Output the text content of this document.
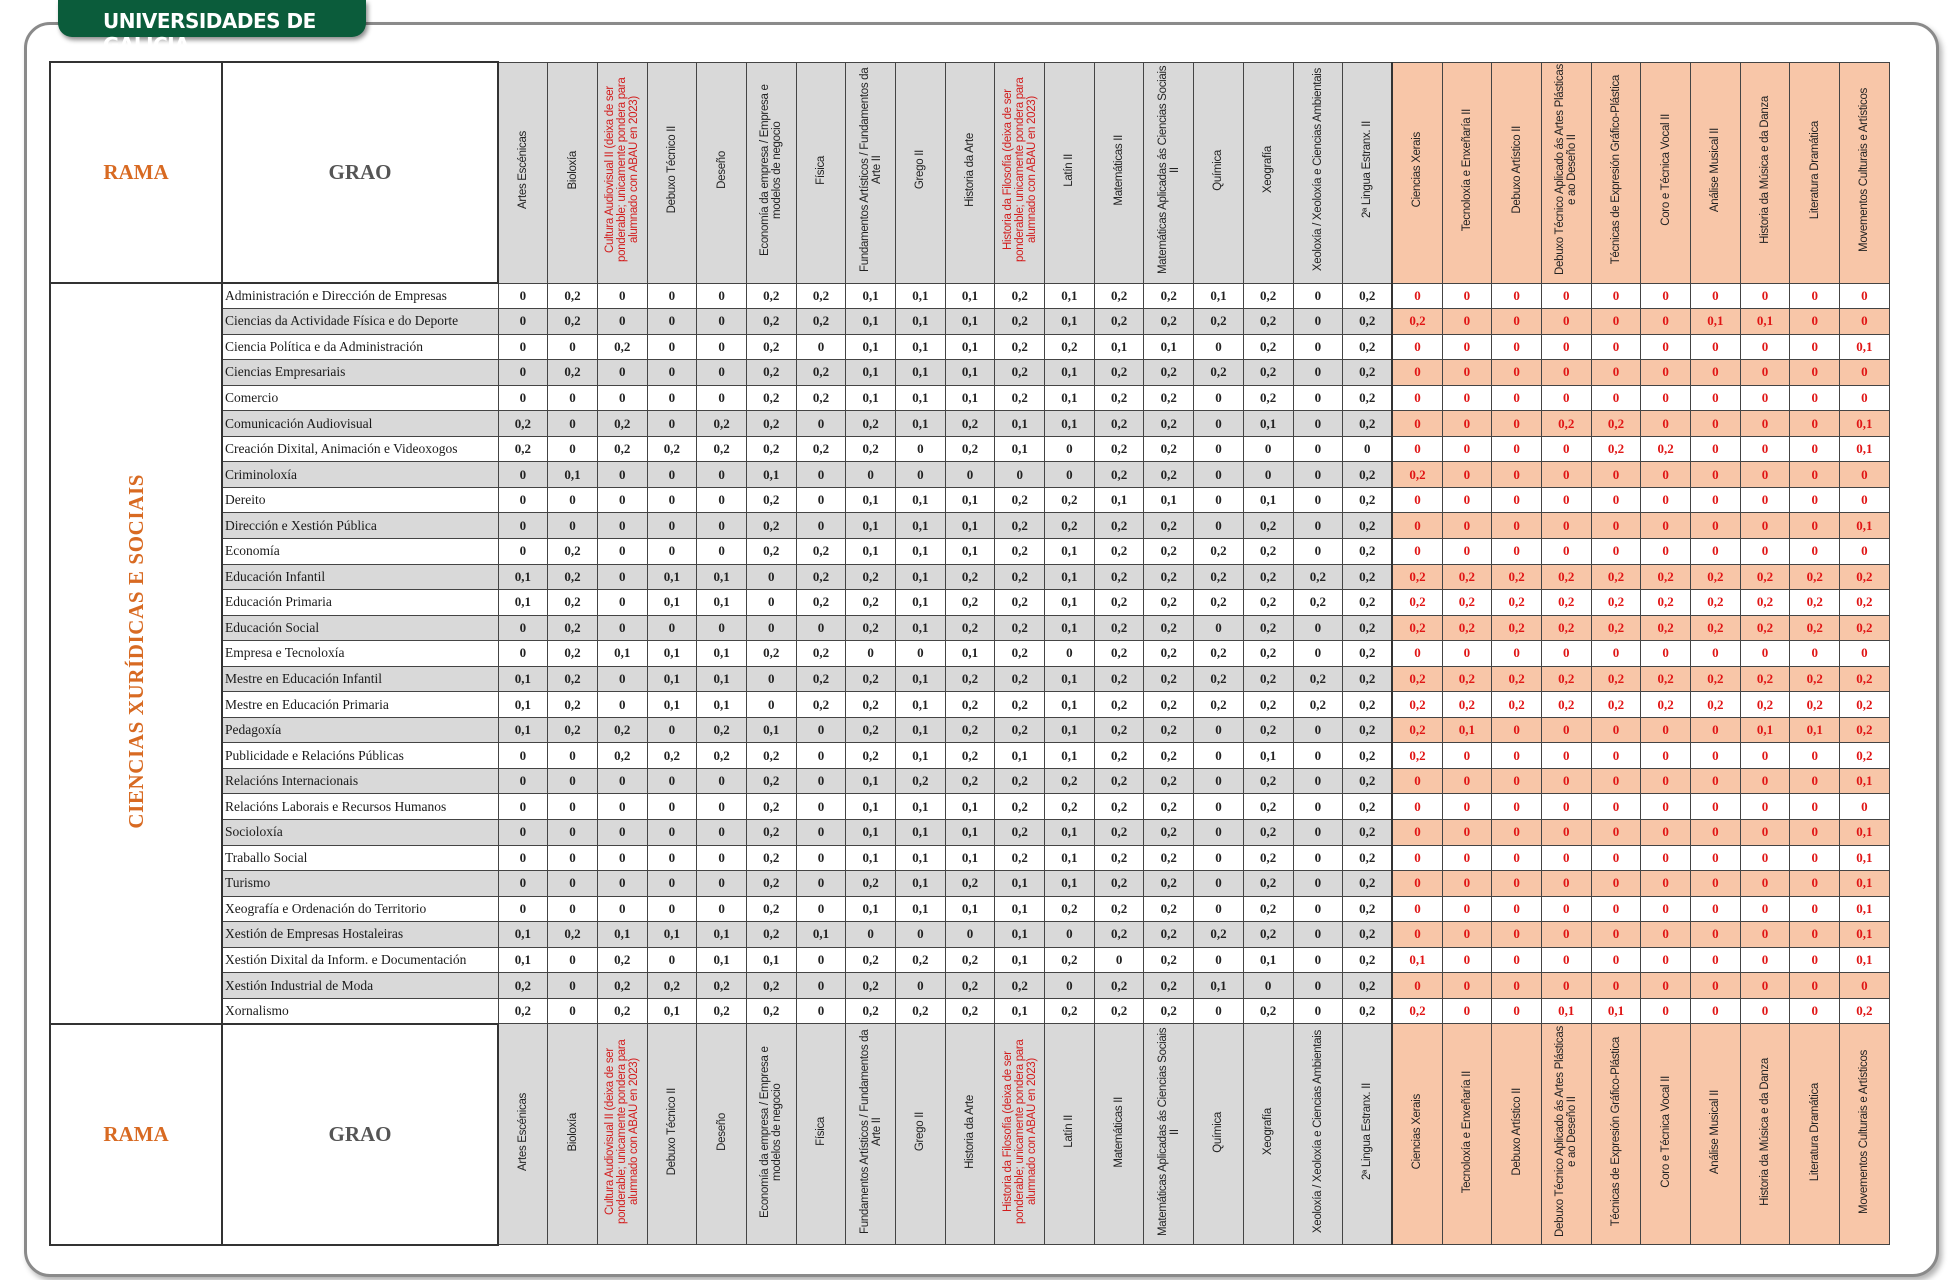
UNIVERSIDADES DE GALICIA
RAMA	GRAO	Artes Escénicas	Bioloxía	Cultura Audiovisual II (deixa de ser ponderable; unicamente pondera para alumnado con ABAU en 2023)	Debuxo Técnico II	Deseño	Economía da empresa / Empresa e modelos de negocio	Física	Fundamentos Artísticos / Fundamentos da Arte II	Grego II	Historia da Arte	Historia da Filosofía (deixa de ser ponderable; unicamente pondera para alumnado con ABAU en 2023)	Latín II	Matemáticas II	Matemáticas Aplicadas ás Ciencias Sociais II	Química	Xeografía	Xeoloxía / Xeoloxía e Ciencias Ambientais	2ª Lingua Estranx. II	Ciencias Xerais	Tecnoloxía e Enxeñaría II	Debuxo Artístico II	Debuxo Técnico Aplicado ás Artes Plásticas e ao Deseño II	Técnicas de Expresión Gráfico-Plástica	Coro e Técnica Vocal II	Análise Musical II	Historia da Música e da Danza	Literatura Dramática	Movementos Culturais e Artísticos
CIENCIAS XURÍDICAS E SOCIAIS	Administración e Dirección de Empresas	0	0,2	0	0	0	0,2	0,2	0,1	0,1	0,1	0,2	0,1	0,2	0,2	0,1	0,2	0	0,2	0	0	0	0	0	0	0	0	0	0
	Ciencias da Actividade Física e do Deporte	0	0,2	0	0	0	0,2	0,2	0,1	0,1	0,1	0,2	0,1	0,2	0,2	0,2	0,2	0	0,2	0,2	0	0	0	0	0	0,1	0,1	0	0
	Ciencia Política e da Administración	0	0	0,2	0	0	0,2	0	0,1	0,1	0,1	0,2	0,2	0,1	0,1	0	0,2	0	0,2	0	0	0	0	0	0	0	0	0	0,1
	Ciencias Empresariais	0	0,2	0	0	0	0,2	0,2	0,1	0,1	0,1	0,2	0,1	0,2	0,2	0,2	0,2	0	0,2	0	0	0	0	0	0	0	0	0	0
	Comercio	0	0	0	0	0	0,2	0,2	0,1	0,1	0,1	0,2	0,1	0,2	0,2	0	0,2	0	0,2	0	0	0	0	0	0	0	0	0	0
	Comunicación Audiovisual	0,2	0	0,2	0	0,2	0,2	0	0,2	0,1	0,2	0,1	0,1	0,2	0,2	0	0,1	0	0,2	0	0	0	0,2	0,2	0	0	0	0	0,1
	Creación Dixital, Animación e Videoxogos	0,2	0	0,2	0,2	0,2	0,2	0,2	0,2	0	0,2	0,1	0	0,2	0,2	0	0	0	0	0	0	0	0	0,2	0,2	0	0	0	0,1
	Criminoloxía	0	0,1	0	0	0	0,1	0	0	0	0	0	0	0,2	0,2	0	0	0	0,2	0,2	0	0	0	0	0	0	0	0	0
	Dereito	0	0	0	0	0	0,2	0	0,1	0,1	0,1	0,2	0,2	0,1	0,1	0	0,1	0	0,2	0	0	0	0	0	0	0	0	0	0
	Dirección e Xestión Pública	0	0	0	0	0	0,2	0	0,1	0,1	0,1	0,2	0,2	0,2	0,2	0	0,2	0	0,2	0	0	0	0	0	0	0	0	0	0,1
	Economía	0	0,2	0	0	0	0,2	0,2	0,1	0,1	0,1	0,2	0,1	0,2	0,2	0,2	0,2	0	0,2	0	0	0	0	0	0	0	0	0	0
	Educación Infantil	0,1	0,2	0	0,1	0,1	0	0,2	0,2	0,1	0,2	0,2	0,1	0,2	0,2	0,2	0,2	0,2	0,2	0,2	0,2	0,2	0,2	0,2	0,2	0,2	0,2	0,2	0,2
	Educación Primaria	0,1	0,2	0	0,1	0,1	0	0,2	0,2	0,1	0,2	0,2	0,1	0,2	0,2	0,2	0,2	0,2	0,2	0,2	0,2	0,2	0,2	0,2	0,2	0,2	0,2	0,2	0,2
	Educación Social	0	0,2	0	0	0	0	0	0,2	0,1	0,2	0,2	0,1	0,2	0,2	0	0,2	0	0,2	0,2	0,2	0,2	0,2	0,2	0,2	0,2	0,2	0,2	0,2
	Empresa e Tecnoloxía	0	0,2	0,1	0,1	0,1	0,2	0,2	0	0	0,1	0,2	0	0,2	0,2	0,2	0,2	0	0,2	0	0	0	0	0	0	0	0	0	0
	Mestre en Educación Infantil	0,1	0,2	0	0,1	0,1	0	0,2	0,2	0,1	0,2	0,2	0,1	0,2	0,2	0,2	0,2	0,2	0,2	0,2	0,2	0,2	0,2	0,2	0,2	0,2	0,2	0,2	0,2
	Mestre en Educación Primaria	0,1	0,2	0	0,1	0,1	0	0,2	0,2	0,1	0,2	0,2	0,1	0,2	0,2	0,2	0,2	0,2	0,2	0,2	0,2	0,2	0,2	0,2	0,2	0,2	0,2	0,2	0,2
	Pedagoxía	0,1	0,2	0,2	0	0,2	0,1	0	0,2	0,1	0,2	0,2	0,1	0,2	0,2	0	0,2	0	0,2	0,2	0,1	0	0	0	0	0	0,1	0,1	0,2
	Publicidade e Relacións Públicas	0	0	0,2	0,2	0,2	0,2	0	0,2	0,1	0,2	0,1	0,1	0,2	0,2	0	0,1	0	0,2	0,2	0	0	0	0	0	0	0	0	0,2
	Relacións Internacionais	0	0	0	0	0	0,2	0	0,1	0,2	0,2	0,2	0,2	0,2	0,2	0	0,2	0	0,2	0	0	0	0	0	0	0	0	0	0,1
	Relacións Laborais e Recursos Humanos	0	0	0	0	0	0,2	0	0,1	0,1	0,1	0,2	0,2	0,2	0,2	0	0,2	0	0,2	0	0	0	0	0	0	0	0	0	0
	Socioloxía	0	0	0	0	0	0,2	0	0,1	0,1	0,1	0,2	0,1	0,2	0,2	0	0,2	0	0,2	0	0	0	0	0	0	0	0	0	0,1
	Traballo Social	0	0	0	0	0	0,2	0	0,1	0,1	0,1	0,2	0,1	0,2	0,2	0	0,2	0	0,2	0	0	0	0	0	0	0	0	0	0,1
	Turismo	0	0	0	0	0	0,2	0	0,2	0,1	0,2	0,1	0,1	0,2	0,2	0	0,2	0	0,2	0	0	0	0	0	0	0	0	0	0,1
	Xeografía e Ordenación do Territorio	0	0	0	0	0	0,2	0	0,1	0,1	0,1	0,1	0,2	0,2	0,2	0	0,2	0	0,2	0	0	0	0	0	0	0	0	0	0,1
	Xestión de Empresas Hostaleiras	0,1	0,2	0,1	0,1	0,1	0,2	0,1	0	0	0	0,1	0	0,2	0,2	0,2	0,2	0	0,2	0	0	0	0	0	0	0	0	0	0,1
	Xestión Dixital da Inform. e Documentación	0,1	0	0,2	0	0,1	0,1	0	0,2	0,2	0,2	0,1	0,2	0	0,2	0	0,1	0	0,2	0,1	0	0	0	0	0	0	0	0	0,1
	Xestión Industrial de Moda	0,2	0	0,2	0,2	0,2	0,2	0	0,2	0	0,2	0,2	0	0,2	0,2	0,1	0	0	0,2	0	0	0	0	0	0	0	0	0	0
	Xornalismo	0,2	0	0,2	0,1	0,2	0,2	0	0,2	0,2	0,2	0,1	0,2	0,2	0,2	0	0,2	0	0,2	0,2	0	0	0,1	0,1	0	0	0	0	0,2
RAMA	GRAO	Artes Escénicas	Bioloxía	Cultura Audiovisual II (deixa de ser ponderable; unicamente pondera para alumnado con ABAU en 2023)	Debuxo Técnico II	Deseño	Economía da empresa / Empresa e modelos de negocio	Física	Fundamentos Artísticos / Fundamentos da Arte II	Grego II	Historia da Arte	Historia da Filosofía (deixa de ser ponderable; unicamente pondera para alumnado con ABAU en 2023)	Latín II	Matemáticas II	Matemáticas Aplicadas ás Ciencias Sociais II	Química	Xeografía	Xeoloxía / Xeoloxía e Ciencias Ambientais	2ª Lingua Estranx. II	Ciencias Xerais	Tecnoloxía e Enxeñaría II	Debuxo Artístico II	Debuxo Técnico Aplicado ás Artes Plásticas e ao Deseño II	Técnicas de Expresión Gráfico-Plástica	Coro e Técnica Vocal II	Análise Musical II	Historia da Música e da Danza	Literatura Dramática	Movementos Culturais e Artísticos
